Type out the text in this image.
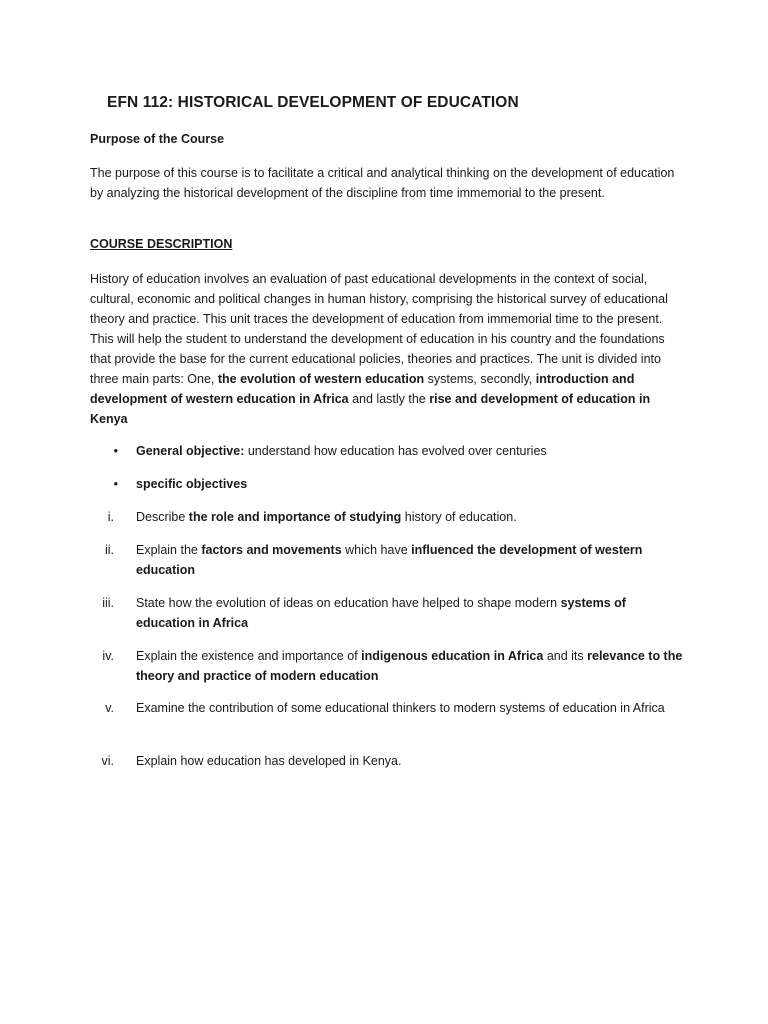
EFN 112: HISTORICAL DEVELOPMENT OF EDUCATION

Purpose of the Course

The purpose of this course is to facilitate a critical and analytical thinking on the development of education by analyzing the historical development of the discipline from time immemorial to the present.

COURSE DESCRIPTION

History of education involves an evaluation of past educational developments in the context of social, cultural, economic and political changes in human history, comprising the historical survey of educational theory and practice. This unit traces the development of education from immemorial time to the present. This will help the student to understand the development of education in his country and the foundations that provide the base for the current educational policies, theories and practices. The unit is divided into three main parts: One, the evolution of western education systems, secondly, introduction and development of western education in Africa and lastly the rise and development of education in Kenya

• General objective: understand how education has evolved over centuries
• specific objectives
i. Describe the role and importance of studying history of education.
ii. Explain the factors and movements which have influenced the development of western education
iii. State how the evolution of ideas on education have helped to shape modern systems of education in Africa
iv. Explain the existence and importance of indigenous education in Africa and its relevance to the theory and practice of modern education
v. Examine the contribution of some educational thinkers to modern systems of education in Africa
vi. Explain how education has developed in Kenya.
